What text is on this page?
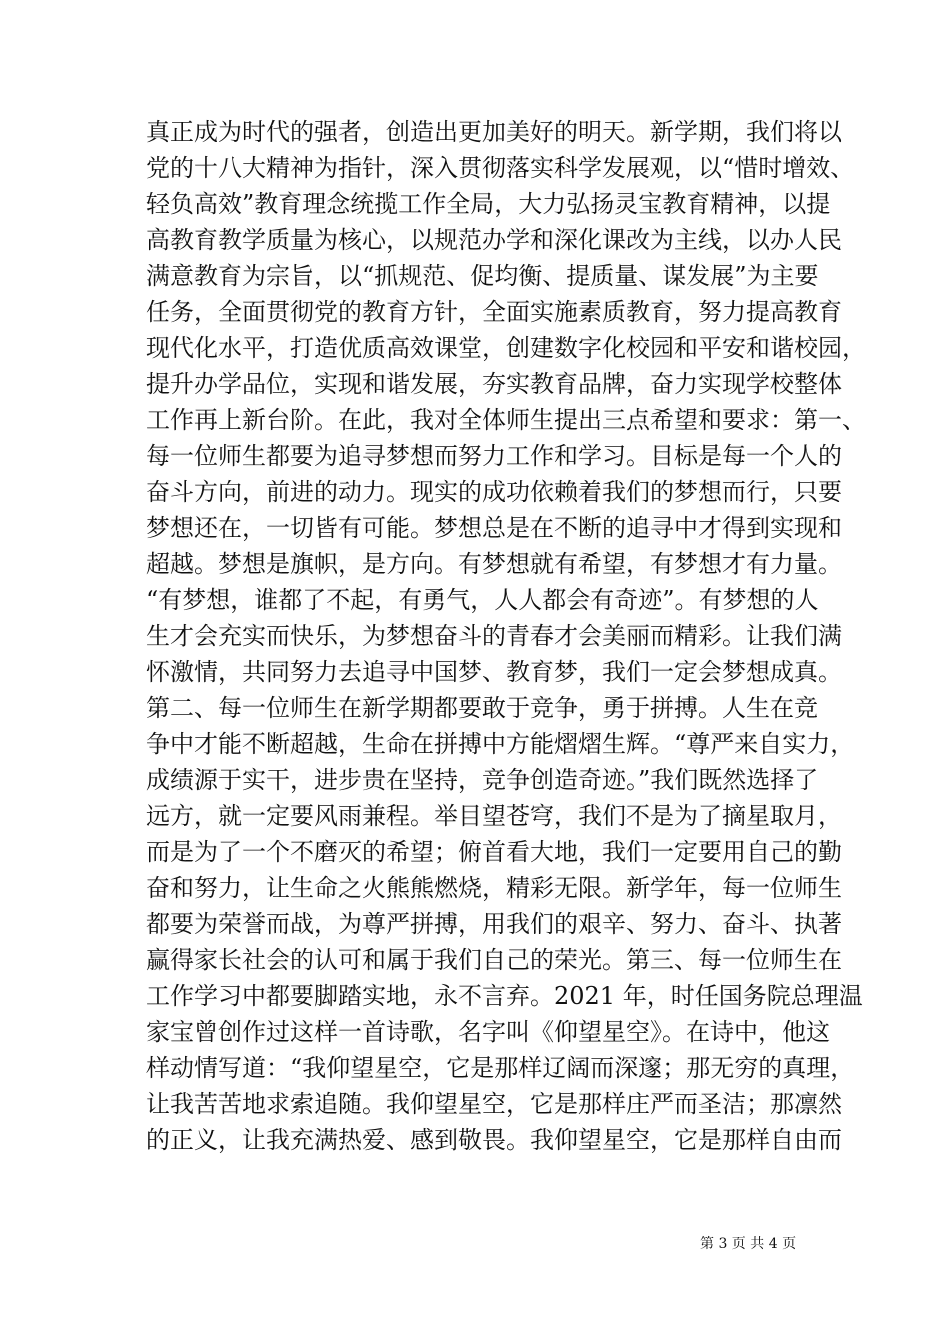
真正成为时代的强者，创造出更加美好的明天。新学期，我们将以
党的十八大精神为指针，深入贯彻落实科学发展观，以“惜时增效、
轻负高效”教育理念统揽工作全局，大力弘扬灵宝教育精神，以提
高教育教学质量为核心，以规范办学和深化课改为主线，以办人民
满意教育为宗旨，以“抓规范、促均衡、提质量、谋发展”为主要
任务，全面贯彻党的教育方针，全面实施素质教育，努力提高教育
现代化水平，打造优质高效课堂，创建数字化校园和平安和谐校园，
提升办学品位，实现和谐发展，夯实教育品牌，奋力实现学校整体
工作再上新台阶。在此，我对全体师生提出三点希望和要求：第一、
每一位师生都要为追寻梦想而努力工作和学习。目标是每一个人的
奋斗方向，前进的动力。现实的成功依赖着我们的梦想而行，只要
梦想还在，一切皆有可能。梦想总是在不断的追寻中才得到实现和
超越。梦想是旗帜，是方向。有梦想就有希望，有梦想才有力量。
“有梦想，谁都了不起，有勇气，人人都会有奇迹”。有梦想的人
生才会充实而快乐，为梦想奋斗的青春才会美丽而精彩。让我们满
怀激情，共同努力去追寻中国梦、教育梦，我们一定会梦想成真。
第二、每一位师生在新学期都要敢于竞争，勇于拼搏。人生在竞
争中才能不断超越，生命在拼搏中方能熠熠生辉。“尊严来自实力，
成绩源于实干，进步贵在坚持，竞争创造奇迹。”我们既然选择了
远方，就一定要风雨兼程。举目望苍穹，我们不是为了摘星取月，
而是为了一个不磨灭的希望；俯首看大地，我们一定要用自己的勤
奋和努力，让生命之火熊熊燃烧，精彩无限。新学年，每一位师生
都要为荣誉而战，为尊严拼搏，用我们的艰辛、努力、奋斗、执著
赢得家长社会的认可和属于我们自己的荣光。第三、每一位师生在
工作学习中都要脚踏实地，永不言弃。2021 年，时任国务院总理温
家宝曾创作过这样一首诗歌，名字叫《仰望星空》。在诗中，他这
样动情写道：“我仰望星空，它是那样辽阔而深邃；那无穷的真理，
让我苦苦地求索追随。我仰望星空，它是那样庄严而圣洁；那凛然
的正义，让我充满热爱、感到敬畏。我仰望星空，它是那样自由而
第 3 页 共 4 页
